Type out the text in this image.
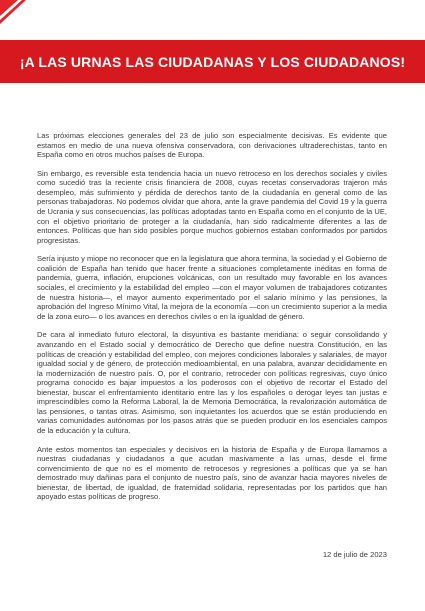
¡A LAS URNAS LAS CIUDADANAS Y LOS CIUDADANOS!

Las próximas elecciones generales del 23 de julio son especialmente decisivas. Es evidente que estamos en medio de una nueva ofensiva conservadora, con derivaciones ultraderechistas, tanto en España como en otros muchos países de Europa.

Sin embargo, es reversible esta tendencia hacia un nuevo retroceso en los derechos sociales y civiles como sucedió tras la reciente crisis financiera de 2008, cuyas recetas conservadoras trajeron más desempleo, más sufrimiento y pérdida de derechos tanto de la ciudadanía en general como de las personas trabajadoras. No podemos olvidar que ahora, ante la grave pandemia del Covid 19 y la guerra de Ucrania y sus consecuencias, las políticas adoptadas tanto en España como en el conjunto de la UE, con el objetivo prioritario de proteger a la ciudadanía, han sido radicalmente diferentes a las de entonces. Políticas que han sido posibles porque muchos gobiernos estaban conformados por partidos progresistas.

Sería injusto y miope no reconocer que en la legislatura que ahora termina, la sociedad y el Gobierno de coalición de España han tenido que hacer frente a situaciones completamente inéditas en forma de pandemia, guerra, inflación, erupciones volcánicas, con un resultado muy favorable en los avances sociales, el crecimiento y la estabilidad del empleo —con el mayor volumen de trabajadores cotizantes de nuestra historia—, el mayor aumento experimentado por el salario mínimo y las pensiones, la aprobación del Ingreso Mínimo Vital, la mejora de la economía —con un crecimiento superior a la media de la zona euro— o los avances en derechos civiles o en la igualdad de género.

De cara al inmediato futuro electoral, la disyuntiva es bastante meridiana: o seguir consolidando y avanzando en el Estado social y democrático de Derecho que define nuestra Constitución, en las políticas de creación y estabilidad del empleo, con mejores condiciones laborales y salariales, de mayor igualdad social y de género, de protección medioambiental, en una palabra, avanzar decididamente en la modernización de nuestro país. O, por el contrario, retroceder con políticas regresivas, cuyo único programa conocido es bajar impuestos a los poderosos con el objetivo de recortar el Estado del bienestar, buscar el enfrentamiento identitario entre las y los españoles o derogar leyes tan justas e imprescindibles como la Reforma Laboral, la de Memoria Democrática, la revalorización automática de las pensiones, o tantas otras. Asimismo, son inquietantes los acuerdos que se están produciendo en varias comunidades autónomas por los pasos atrás que se pueden producir en los esenciales campos de la educación y la cultura.

Ante estos momentos tan especiales y decisivos en la historia de España y de Europa llamamos a nuestras ciudadanas y ciudadanos a que acudan masivamente a las urnas, desde el firme convencimiento de que no es el momento de retrocesos y regresiones a políticas que ya se han demostrado muy dañinas para el conjunto de nuestro país, sino de avanzar hacia mayores niveles de bienestar, de libertad, de igualdad, de fraternidad solidaria, representadas por los partidos que han apoyado estas políticas de progreso.

12 de julio de 2023
